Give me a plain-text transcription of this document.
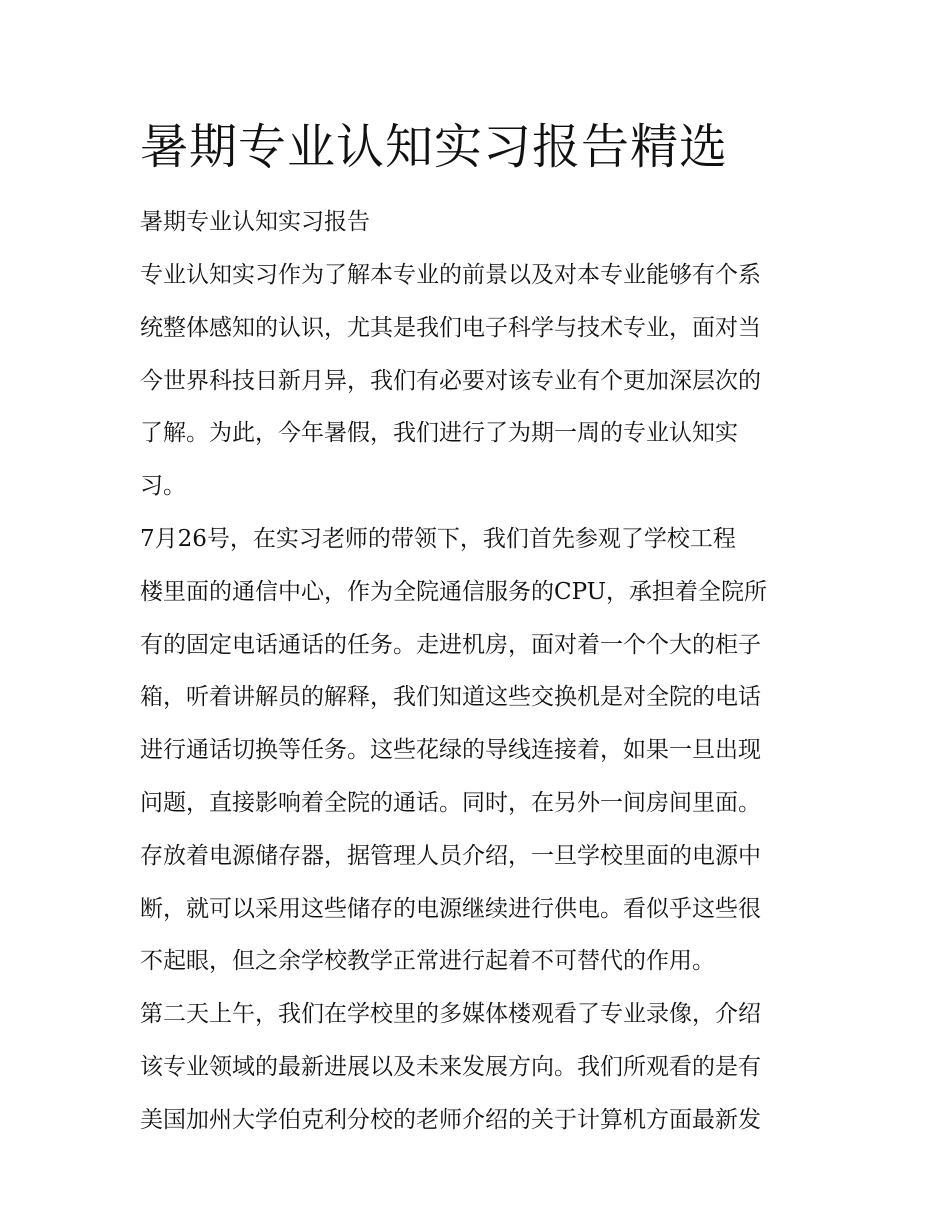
暑期专业认知实习报告精选

暑期专业认知实习报告

专业认知实习作为了解本专业的前景以及对本专业能够有个系
统整体感知的认识，尤其是我们电子科学与技术专业，面对当
今世界科技日新月异，我们有必要对该专业有个更加深层次的
了解。为此，今年暑假，我们进行了为期一周的专业认知实
习。
7月26号，在实习老师的带领下，我们首先参观了学校工程
楼里面的通信中心，作为全院通信服务的CPU，承担着全院所
有的固定电话通话的任务。走进机房，面对着一个个大的柜子
箱，听着讲解员的解释，我们知道这些交换机是对全院的电话
进行通话切换等任务。这些花绿的导线连接着，如果一旦出现
问题，直接影响着全院的通话。同时，在另外一间房间里面。
存放着电源储存器，据管理人员介绍，一旦学校里面的电源中
断，就可以采用这些储存的电源继续进行供电。看似乎这些很
不起眼，但之余学校教学正常进行起着不可替代的作用。
第二天上午，我们在学校里的多媒体楼观看了专业录像，介绍
该专业领域的最新进展以及未来发展方向。我们所观看的是有
美国加州大学伯克利分校的老师介绍的关于计算机方面最新发
